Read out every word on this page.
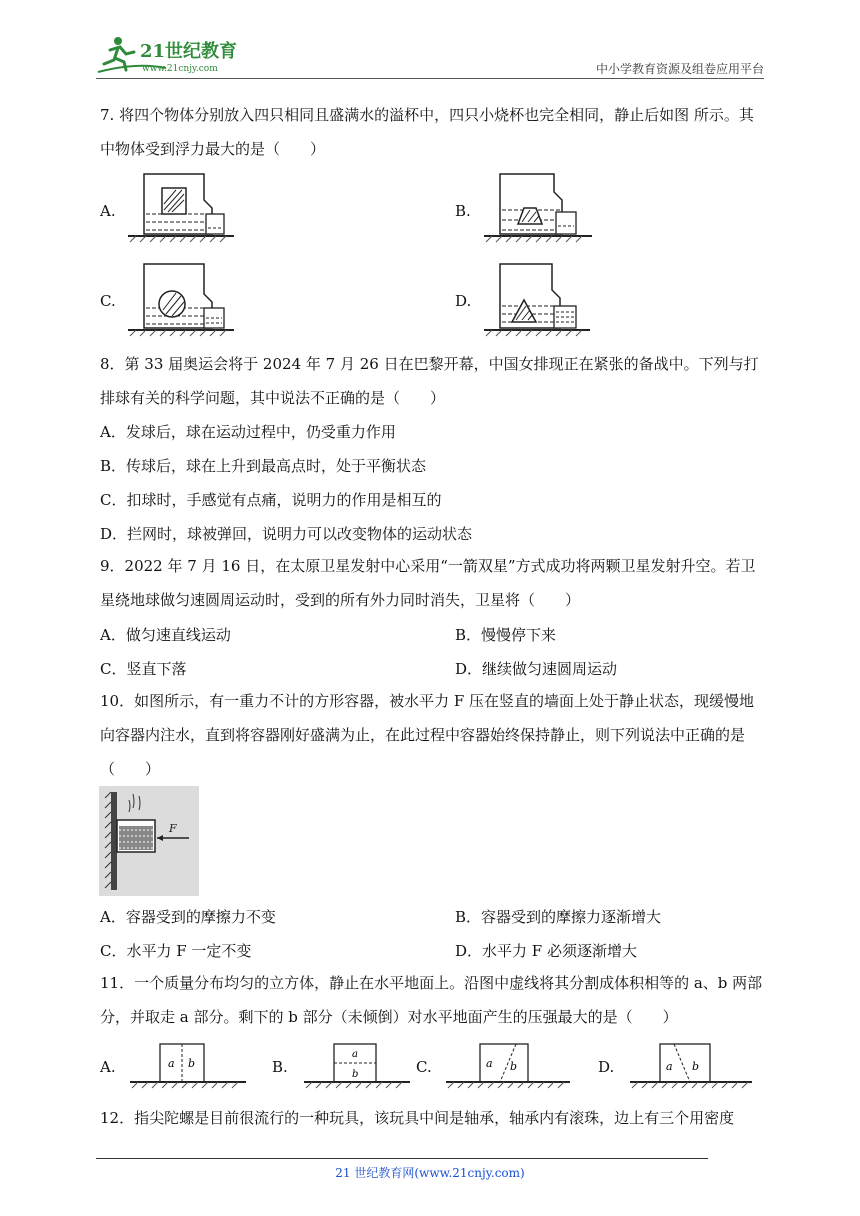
21世纪教育
www.21cnjy.com	中小学教育资源及组卷应用平台
7. 将四个物体分别放入四只相同且盛满水的溢杯中，四只小烧杯也完全相同，静止后如图 所示。其中物体受到浮力最大的是（　　）
A.	B.
C.	D.
8．第 33 届奥运会将于 2024 年 7 月 26 日在巴黎开幕，中国女排现正在紧张的备战中。下列与打排球有关的科学问题，其中说法不正确的是（　　）
A．发球后，球在运动过程中，仍受重力作用
B．传球后，球在上升到最高点时，处于平衡状态
C．扣球时，手感觉有点痛，说明力的作用是相互的
D．拦网时，球被弹回，说明力可以改变物体的运动状态
9．2022 年 7 月 16 日，在太原卫星发射中心采用“一箭双星”方式成功将两颗卫星发射升空。若卫星绕地球做匀速圆周运动时，受到的所有外力同时消失，卫星将（　　）
A．做匀速直线运动	B．慢慢停下来
C．竖直下落	D．继续做匀速圆周运动
10．如图所示，有一重力不计的方形容器，被水平力 F 压在竖直的墙面上处于静止状态，现缓慢地向容器内注水，直到将容器刚好盛满为止，在此过程中容器始终保持静止，则下列说法中正确的是（　　）
F
A．容器受到的摩擦力不变	B．容器受到的摩擦力逐渐增大
C．水平力 F 一定不变	D．水平力 F 必须逐渐增大
11．一个质量分布均匀的立方体，静止在水平地面上。沿图中虚线将其分割成体积相等的 a、b 两部分，并取走 a 部分。剩下的 b 部分（未倾倒）对水平地面产生的压强最大的是（　　）
A.	a b	B.
a
b	C.	a b	D.	a b
12．指尖陀螺是目前很流行的一种玩具，该玩具中间是轴承，轴承内有滚珠，边上有三个用密度
21 世纪教育网(www.21cnjy.com)
